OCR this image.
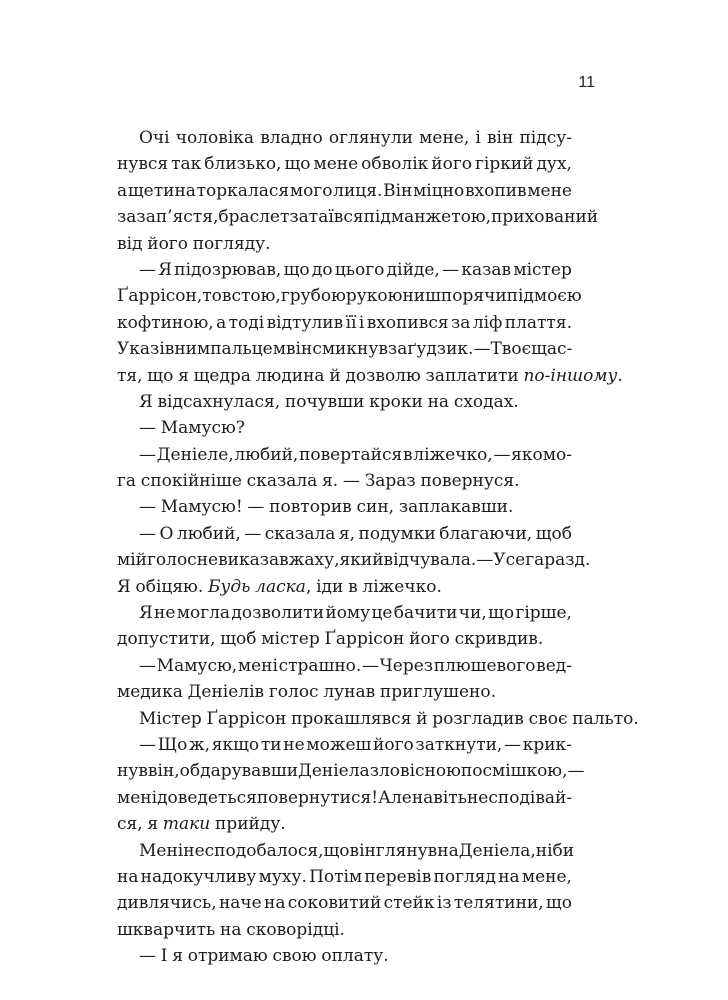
11
Очі чоловіка владно оглянули мене, і він підсу-
нувся так близько, що мене обволік його гіркий дух,
а щетина торкалася мого лиця. Він міцно вхопив мене
за зап’ястя, браслет затаївся під манжетою, прихований
від його погляду.
— Я підозрював, що до цього дійде, — казав містер
Ґаррісон, товстою, грубою рукою нишпорячи під моєю
кофтиною, а тоді відтулив її і вхопився за ліф плаття.
Указівним пальцем він смикнув за ґудзик. — Твоє щас-
тя, що я щедра людина й дозволю заплатити по-іншому.
Я відсахнулася, почувши кроки на сходах.
— Мамусю?
— Деніеле, любий, повертайся в ліжечко, — якомо-
га спокійніше сказала я. — Зараз повернуся.
— Мамусю! — повторив син, заплакавши.
— О любий, — сказала я, подумки благаючи, щоб
мій голос не виказав жаху, який відчувала. — Усе гаразд.
Я обіцяю. Будь ласка, іди в ліжечко.
Я не могла дозволити йому це бачити чи, що гірше,
допустити, щоб містер Ґаррісон його скривдив.
— Мамусю, мені страшно. — Через плюшевого вед-
медика Деніелів голос лунав приглушено.
Містер Ґаррісон прокашлявся й розгладив своє пальто.
— Що ж, якщо ти не можеш його заткнути, — крик-
нув він, обдарувавши Деніела зловісною посмішкою, —
мені доведеться повернутися! Але навіть не сподівай-
ся, я таки прийду.
Мені не сподобалося, що він глянув на Деніела, ніби
на надокучливу муху. Потім перевів погляд на мене,
дивлячись, наче на соковитий стейк із телятини, що
шкварчить на сковорідці.
— І я отримаю свою оплату.
